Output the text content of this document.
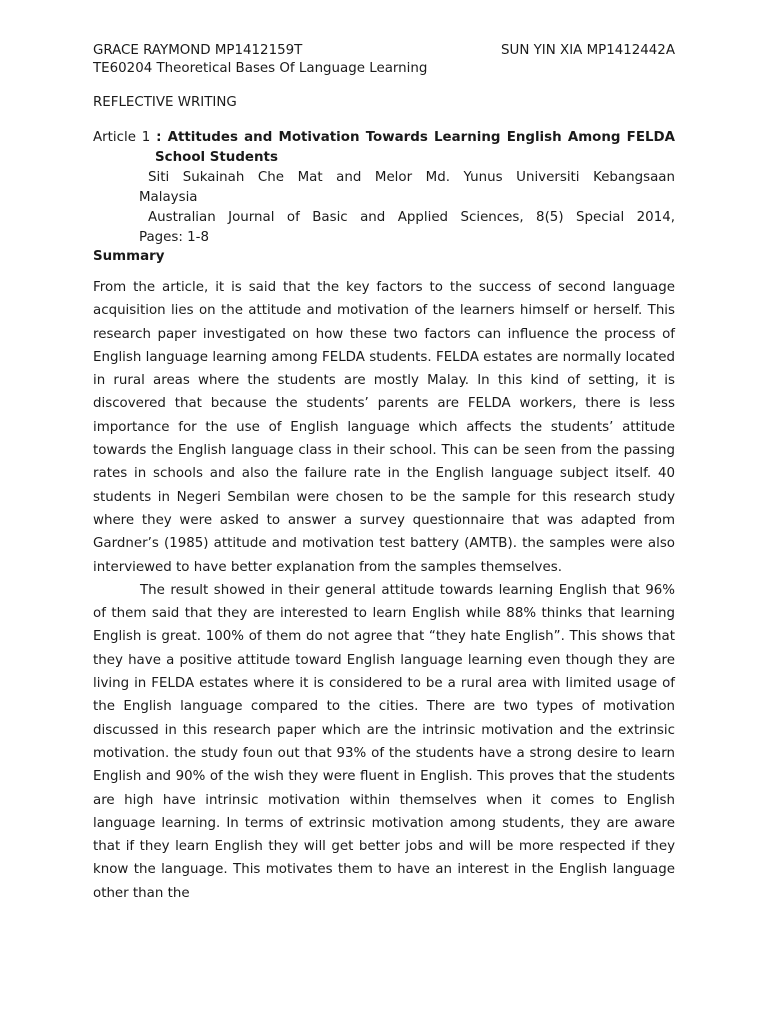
GRACE RAYMOND MP1412159T	SUN YIN XIA MP1412442A
TE60204 Theoretical Bases Of Language Learning
REFLECTIVE WRITING
Article 1 : Attitudes and Motivation Towards Learning English Among FELDA
School Students
Siti Sukainah Che Mat and Melor Md. Yunus Universiti Kebangsaan
Malaysia
Australian Journal of Basic and Applied Sciences, 8(5) Special 2014,
Pages: 1-8
Summary

From the article, it is said that the key factors to the success of second language acquisition lies on the attitude and motivation of the learners himself or herself. This research paper investigated on how these two factors can influence the process of English language learning among FELDA students. FELDA estates are normally located in rural areas where the students are mostly Malay. In this kind of setting, it is discovered that because the students’ parents are FELDA workers, there is less importance for the use of English language which affects the students’ attitude towards the English language class in their school. This can be seen from the passing rates in schools and also the failure rate in the English language subject itself. 40 students in Negeri Sembilan were chosen to be the sample for this research study where they were asked to answer a survey questionnaire that was adapted from Gardner’s (1985) attitude and motivation test battery (AMTB). the samples were also interviewed to have better explanation from the samples themselves.

The result showed in their general attitude towards learning English that 96% of them said that they are interested to learn English while 88% thinks that learning English is great. 100% of them do not agree that “they hate English”. This shows that they have a positive attitude toward English language learning even though they are living in FELDA estates where it is considered to be a rural area with limited usage of the English language compared to the cities. There are two types of motivation discussed in this research paper which are the intrinsic motivation and the extrinsic motivation. the study foun out that 93% of the students have a strong desire to learn English and 90% of the wish they were fluent in English. This proves that the students are high have intrinsic motivation within themselves when it comes to English language learning. In terms of extrinsic motivation among students, they are aware that if they learn English they will get better jobs and will be more respected if they know the language. This motivates them to have an interest in the English language other than the
